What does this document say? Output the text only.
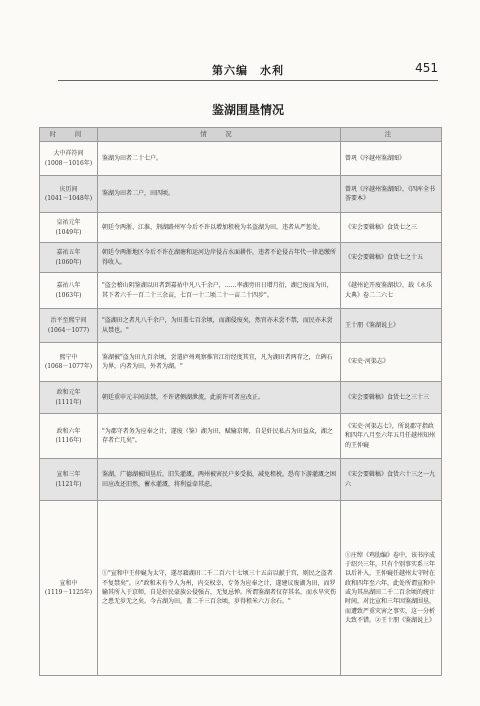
第六编　水利	451
鉴湖围垦情况
时　间	情　况	注
大中祥符间
(1008－1016年)	鉴湖为田者二十七户。	曾巩《序越州鉴湖图》
庆历间
(1041－1048年)	鉴湖为田者二户，田四顷。	曾巩《序越州鉴湖图》，《四库全书荟要本》
皇祐元年
(1049年)	朝廷令两浙、江淮、荆湖路州军今后不许以增加租税为名盗湖为田，违者从严惩处。	《宋会要辑稿》食货七之三
嘉祐五年
(1060年)	朝廷令两浙地区今后不许在湖塘和运河边岸侵占水面耕作，违者不论侵占年代一律追缴所得收入。	《宋会要辑稿》食货七之十五
嘉祐八年
(1063年)	"盗会稽山阴鉴湖以田者到嘉祐中凡八千余户，……率湖旁田日增月衍，湖已废而为田，其下者六千一百二十三余亩，七百一十二顷二十一亩二十四步"。	《越州论开废鉴湖状》，载《永乐大典》卷二二六七
治平至熙宁间
(1064－1077)	"盗湖田之者凡八千余户，为田盖七百余顷，而湖侵废矣，然官亦未尝不禁，而民亦未尝从禁也。"	王十朋《鉴湖说上》
熙宁中
(1068－1077年)	鉴湖被"盗为田九百余顷，尝遣庐州观察推官江衍经度其宜，凡为湖田者两存之，立碑石为界，内者为田，外者为湖。"	《宋史·河渠志》
政和元年
(1111年)	朝廷重申元丰间法禁，不许诸侧湖泄流，此前许可者应改正。	《宋会要辑稿》食货七之三十三
政和六年
(1116年)	"为郡守者务为应奉之计，遂废（鉴）湖为田，赋输京师，自是奸民私占为田益众，湖之存者亡几矣"。	《宋史·河渠志七》，所说郡守指政和四年八月至六年五月任越州知州的王仲嶷
宣和三年
(1121年)	鉴湖，广德湖被围垦后，旧失灌溉，两州被害民户多受损，减免租税，恐苟下游灌溉之困田应改还旧然，蓄水灌溉，将利益牵其虑。	《宋会要辑稿》食货六十三之一九六
宣和中
(1119－1125年)	①"宣和中王仲嶷为太守，遂尽籍湖田二千二百六十七顷三十五亩以献于宫，则民之盗者不复禁矣"。②"政和末有令人为州，内交权幸，专务为应奉之计，遂建议废湖为田，而罗输其所入于京师，自是奸民豪族公侵强占，无复忌惮。所谓鉴湖者仅存其名，而水旱灾伤之患无岁无之矣。今占湖为田，盖二千三百余顷，岁得租米六万余石。"	①庄绰《鸡肋编》卷中，该书序成于绍兴三年，只有个别事实系三年以后补入，王仲嶷任越州太守时在政和四年至六年，此处所谓宣和中或为其出湖田二千二百余顷的统计时间，对比宣和三年因鉴湖围垦，而遭致严重灾害之事实，这一分析大致不错。②王十朋《鉴湖说上》
